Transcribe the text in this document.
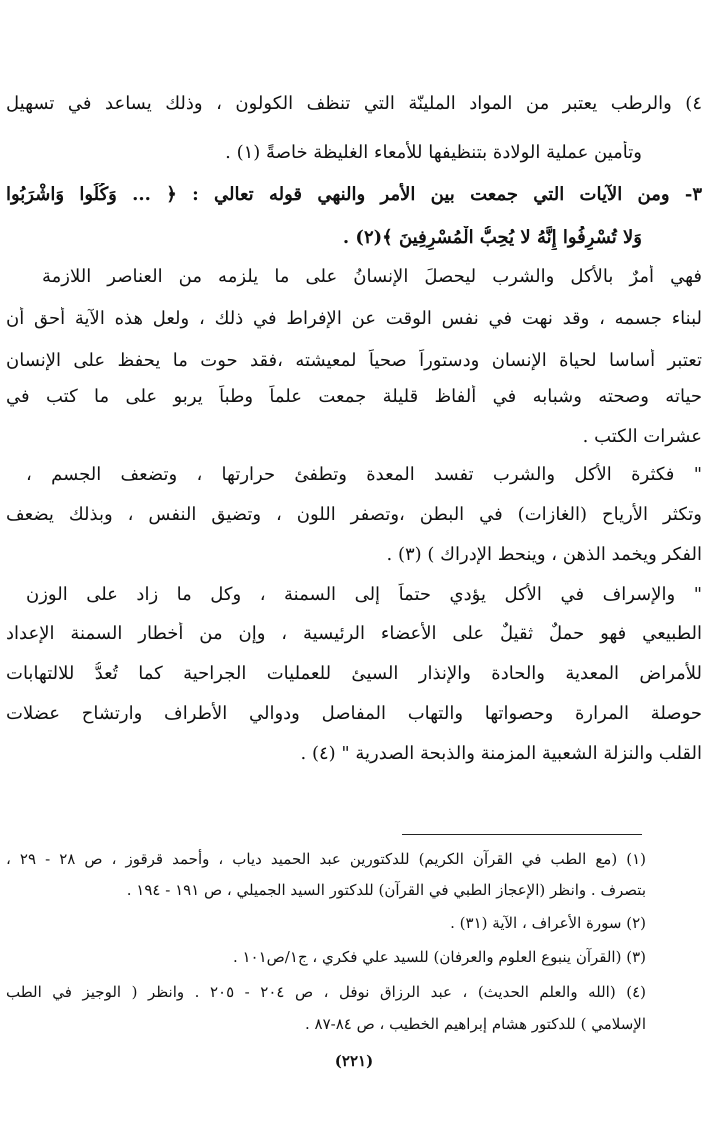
٤) والرطب يعتبر من المواد الملينّة التي تنظف الكولون ، وذلك يساعد في تسهيل
وتأمين عملية الولادة بتنظيفها للأمعاء الغليظة خاصةً (١) .
٣- ومن الآيات التي جمعت بين الأمر والنهي قوله تعالي : ﴿ ... وَكُلُوا وَاشْرَبُوا
وَلا تُسْرِفُوا إِنَّهُ لا يُحِبُّ الْمُسْرِفِينَ ﴾(٢) .
فهي أمرٌ بالأكل والشرب ليحصلَ الإنسانُ على ما يلزمه من العناصر اللازمة
لبناء جسمه ، وقد نهت في نفس الوقت عن الإفراط في ذلك ، ولعل هذه الآية أحق أن
تعتبر أساسا لحياة الإنسان ودستوراً صحياً لمعيشته ،فقد حوت ما يحفظ على الإنسان
حياته وصحته وشبابه في ألفاظ قليلة جمعت علماً وطباً يربو على ما كتب في
عشرات الكتب .
" فكثرة الأكل والشرب تفسد المعدة وتطفئ حرارتها ، وتضعف الجسم ،
وتكثر الأرياح (الغازات) في البطن ،وتصفر اللون ، وتضيق النفس ، وبذلك يضعف
الفكر ويخمد الذهن ، وينحط الإدراك ) (٣) .
" والإسراف في الأكل يؤدي حتماً إلى السمنة ، وكل ما زاد على الوزن
الطبيعي فهو حملٌ ثقيلٌ على الأعضاء الرئيسية ، وإن من أخطار السمنة الإعداد
للأمراض المعدية والحادة والإنذار السيئ للعمليات الجراحية كما تُعدُّ للالتهابات
حوصلة المرارة وحصواتها والتهاب المفاصل ودوالي الأطراف وارتشاح عضلات
القلب والنزلة الشعبية المزمنة والذبحة الصدرية " (٤) .
(١) (مع الطب في القرآن الكريم) للدكتورين عبد الحميد دياب ، وأحمد قرقوز ، ص ٢٨ - ٢٩ ،
بتصرف . وانظر (الإعجاز الطبي في القرآن) للدكتور السيد الجميلي ، ص ١٩١ - ١٩٤ .
(٢) سورة الأعراف ، الآية (٣١) .
(٣) (القرآن ينبوع العلوم والعرفان) للسيد علي فكري ، ج١/ص١٠١ .
(٤) (الله والعلم الحديث) ، عبد الرزاق نوفل ، ص ٢٠٤ - ٢٠٥ . وانظر ( الوجيز في الطب
الإسلامي ) للدكتور هشام إبراهيم الخطيب ، ص ٨٤-٨٧ .
(٢٢١)
